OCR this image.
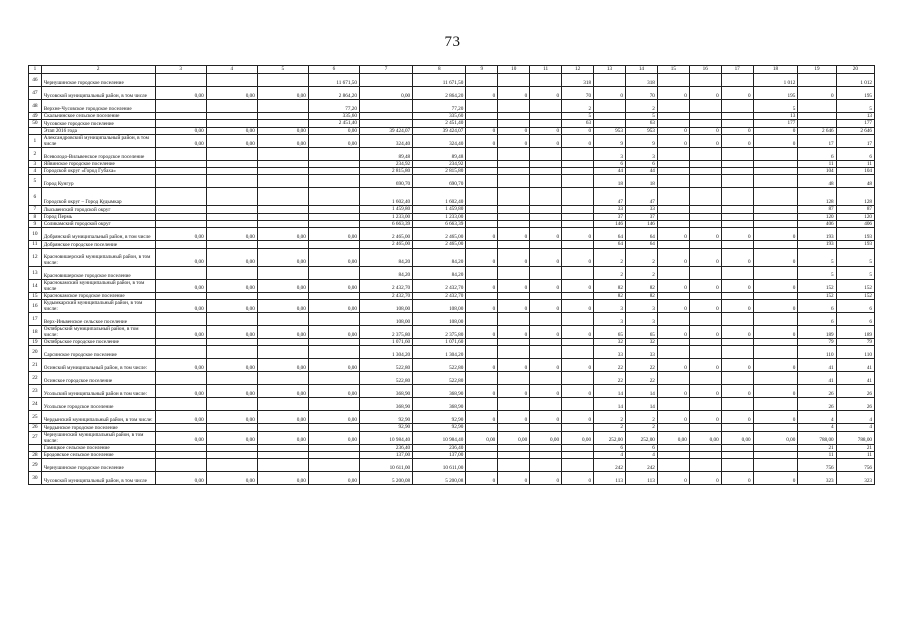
73
1	2	3	4	5	6	7	8	9	10	11	12	13	14	15	16	17	18	19	20
46	Чернушинское городское поселение				11 671,50		11 671,50				318		318				1 012		1 012
47	Чусовской муниципальный район, в том числе	0,00	0,00	0,00	2 864,20	0,00	2 864,20	0	0	0	70	0	70	0	0	0	195	0	195
48	Верхне-Чусовское городское поселение				77,20		77,20				2		2				5		5
49	Скальнинское сельское поселение				335,60		335,60				5		5				13		13
50	Чусовское городское поселение				2 451,40		2 451,40				63		63				177		177
	Этап 2016 года	0,00	0,00	0,00	0,00	39 424,07	39 424,07	0	0	0	0	953	953	0	0	0	0	2 646	2 646
1	Александровский муниципальный район, в том числе	0,00	0,00	0,00	0,00	324,40	324,40	0	0	0	0	9	9	0	0	0	0	17	17
2	Всеволодо-Вильвенское городское поселение					89,48	89,48					3	3					6	6
3	Яйвинское городское поселение					234,92	234,92					6	6					11	11
4	Городской округ «Город Губаха»					2 815,80	2 815,80					44	44					104	104
5	Город Кунгур					690,70	690,70					18	18					48	48
6	Городской округ – Город Кудымкар					1 602,40	1 602,40					47	47					128	128
7	Лысьвенский городской округ					1 459,80	1 459,80					33	33					87	87
8	Город Пермь					1 233,00	1 233,00					37	37					120	120
9	Соликамский городской округ					6 663,39	6 663,39					146	146					406	406
10	Добрянский муниципальный район, в том числе	0,00	0,00	0,00	0,00	2 465,00	2 465,00	0	0	0	0	64	64	0	0	0	0	193	193
11	Добрянское городское поселение					2 465,00	2 465,00					64	64					193	193
12	Красновишерский муниципальный район, в том числе:	0,00	0,00	0,00	0,00	84,20	84,20	0	0	0	0	2	2	0	0	0	0	5	5
13	Красновишерское городское поселение					84,20	84,20					2	2					5	5
14	Краснокамский муниципальный район, в том числе	0,00	0,00	0,00	0,00	2 432,70	2 432,70	0	0	0	0	82	82	0	0	0	0	152	152
15	Краснокамское городское поселение					2 432,70	2 432,70					82	82					152	152
16	Кудымкарский муниципальный район, в том числе:	0,00	0,00	0,00	0,00	108,00	108,00	0	0	0	0	3	3	0	0	0	0	6	6
17	Верх-Иньвенское сельское поселение					108,00	108,00					3	3					6	6
18	Октябрьский муниципальный район, в том числе:	0,00	0,00	0,00	0,00	2 375,80	2 375,80	0	0	0	0	65	65	0	0	0	0	189	189
19	Октябрьское городское поселение					1 071,60	1 071,60					32	32					79	79
20	Сарсинское городское поселение					1 304,20	1 304,20					33	33					110	110
21	Осинский муниципальный район, в том числе:	0,00	0,00	0,00	0,00	522,80	522,80	0	0	0	0	22	22	0	0	0	0	41	41
22	Осинское городское поселение					522,80	522,80					22	22					41	41
23	Усольский муниципальный район в том числе:	0,00	0,00	0,00	0,00	368,90	368,90	0	0	0	0	14	14	0	0	0	0	26	26
24	Усольское городское поселение					368,90	368,90					14	14					26	26
25	Чердынский муниципальный район, в том числе:	0,00	0,00	0,00	0,00	92,90	92,90	0	0	0	0	2	2	0	0	0	0	4	4
26	Чердынское городское поселение					92,90	92,90					2	2					4	4
27	Чернушинский муниципальный район, в том числе:	0,00	0,00	0,00	0,00	10 984,40	10 984,40	0,00	0,00	0,00	0,00	252,00	252,00	0,00	0,00	0,00	0,00	788,00	788,00
	Гамицкое сельское поселение					236,40	236,40					6	6					21	21
28	Бродовское сельское поселение					137,00	137,00					4	4					11	11
29	Чернушинское городское поселение					10 611,00	10 611,00					242	242					756	756
30	Чусовской муниципальный район, в том числе	0,00	0,00	0,00	0,00	5 200,08	5 200,08	0	0	0	0	113	113	0	0	0	0	323	323
